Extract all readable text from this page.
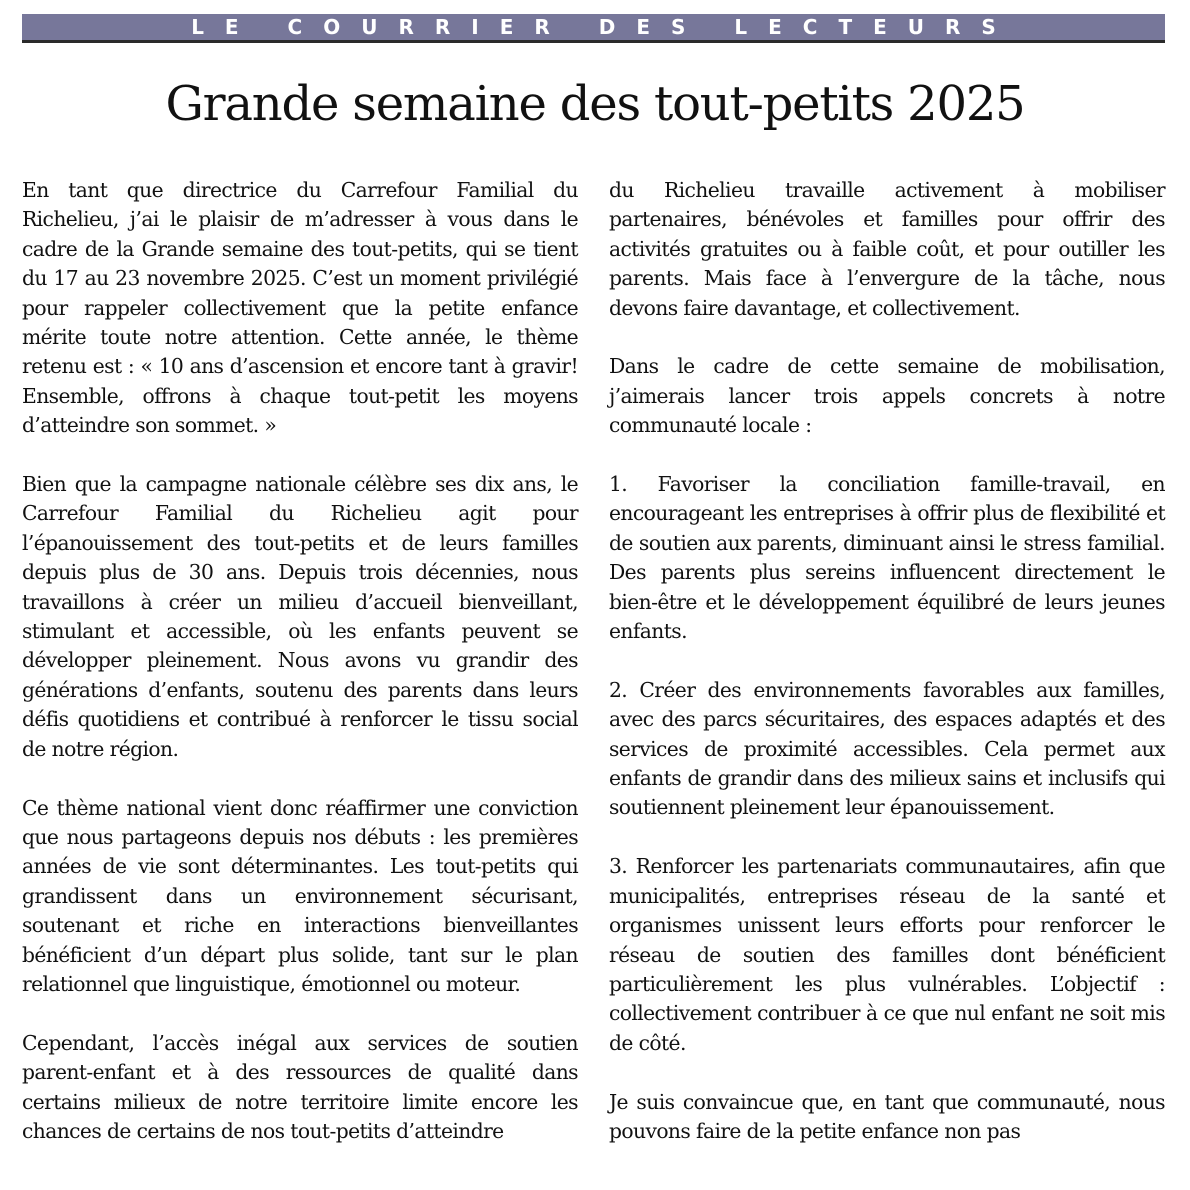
LE COURRIER DES LECTEURS
Grande semaine des tout-petits 2025

En tant que directrice du Carrefour Familial du Richelieu, j’ai le plaisir de m’adresser à vous dans le cadre de la Grande semaine des tout-petits, qui se tient du 17 au 23 novembre 2025. C’est un moment privilégié pour rappeler collectivement que la petite enfance mérite toute notre attention. Cette année, le thème retenu est : « 10 ans d’ascension et encore tant à gravir! Ensemble, offrons à chaque tout-petit les moyens d’atteindre son sommet. »

Bien que la campagne nationale célèbre ses dix ans, le Carrefour Familial du Richelieu agit pour l’épanouissement des tout-petits et de leurs familles depuis plus de 30 ans. Depuis trois décennies, nous travaillons à créer un milieu d’accueil bienveillant, stimulant et accessible, où les enfants peuvent se développer pleinement. Nous avons vu grandir des générations d’enfants, soutenu des parents dans leurs défis quotidiens et contribué à renforcer le tissu social de notre région.

Ce thème national vient donc réaffirmer une conviction que nous partageons depuis nos débuts : les premières années de vie sont déterminantes. Les tout-petits qui grandissent dans un environnement sécurisant, soutenant et riche en interactions bienveillantes bénéficient d’un départ plus solide, tant sur le plan relationnel que linguistique, émotionnel ou moteur.

Cependant, l’accès inégal aux services de soutien parent-enfant et à des ressources de qualité dans certains milieux de notre territoire limite encore les chances de certains de nos tout-petits d’atteindre

du Richelieu travaille activement à mobiliser partenaires, bénévoles et familles pour offrir des activités gratuites ou à faible coût, et pour outiller les parents. Mais face à l’envergure de la tâche, nous devons faire davantage, et collectivement.

Dans le cadre de cette semaine de mobilisation, j’aimerais lancer trois appels concrets à notre communauté locale :

1. Favoriser la conciliation famille-travail, en encourageant les entreprises à offrir plus de flexibilité et de soutien aux parents, diminuant ainsi le stress familial. Des parents plus sereins influencent directement le bien-être et le développement équilibré de leurs jeunes enfants.

2. Créer des environnements favorables aux familles, avec des parcs sécuritaires, des espaces adaptés et des services de proximité accessibles. Cela permet aux enfants de grandir dans des milieux sains et inclusifs qui soutiennent pleinement leur épanouissement.

3. Renforcer les partenariats communautaires, afin que municipalités, entreprises réseau de la santé et organismes unissent leurs efforts pour renforcer le réseau de soutien des familles dont bénéficient particulièrement les plus vulnérables. L’objectif : collectivement contribuer à ce que nul enfant ne soit mis de côté.

Je suis convaincue que, en tant que communauté, nous pouvons faire de la petite enfance non pas
